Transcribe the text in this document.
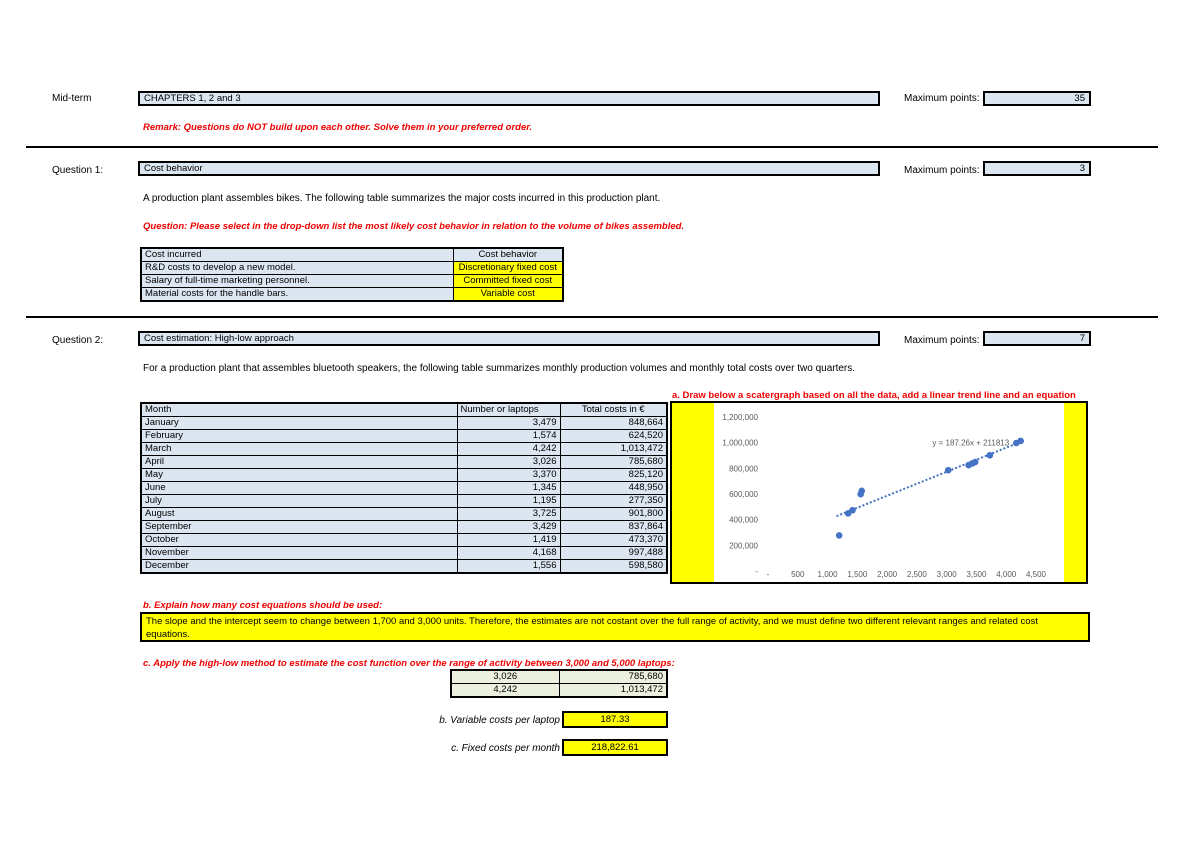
Mid-term	CHAPTERS 1, 2 and 3	Maximum points:	35
Remark: Questions do NOT build upon each other. Solve them in your preferred order.
Question 1:	Cost behavior	Maximum points:	3
A production plant assembles bikes. The following table summarizes the major costs incurred in this production plant.
Question: Please select in the drop-down list the most likely cost behavior in relation to the volume of bikes assembled.
Cost incurred	Cost behavior
R&D costs to develop a new model.	Discretionary fixed cost
Salary of full-time marketing personnel.	Committed fixed cost
Material costs for the handle bars.	Variable cost
Question 2:	Cost estimation: High-low approach	Maximum points:	7
For a production plant that assembles bluetooth speakers, the following table summarizes monthly production volumes and monthly total costs over two quarters.
a. Draw below a scatergraph based on all the data, add a linear trend line and an equation
Month	Number or laptops	Total costs in €
January	3,479	848,664
February	1,574	624,520
March	4,242	1,013,472
April	3,026	785,680
May	3,370	825,120
June	1,345	448,950
July	1,195	277,350
August	3,725	901,800
September	3,429	837,864
October	1,419	473,370
November	4,168	997,488
December	1,556	598,580
-
200,000
400,000
600,000
800,000
1,000,000
1,200,000
-	500 1,000 1,500 2,000 2,500 3,000 3,500 4,000 4,500
y = 187.26x + 211813
b. Explain how many cost equations should be used:
The slope and the intercept seem to change between 1,700 and 3,000 units. Therefore, the estimates are not costant over the full range of activity, and we must define two different relevant ranges and related cost equations.
c. Apply the high-low method to estimate the cost function over the range of activity between 3,000 and 5,000 laptops:
3,026	785,680
4,242	1,013,472
b. Variable costs per laptop	187.33
c. Fixed costs per month	218,822.61
